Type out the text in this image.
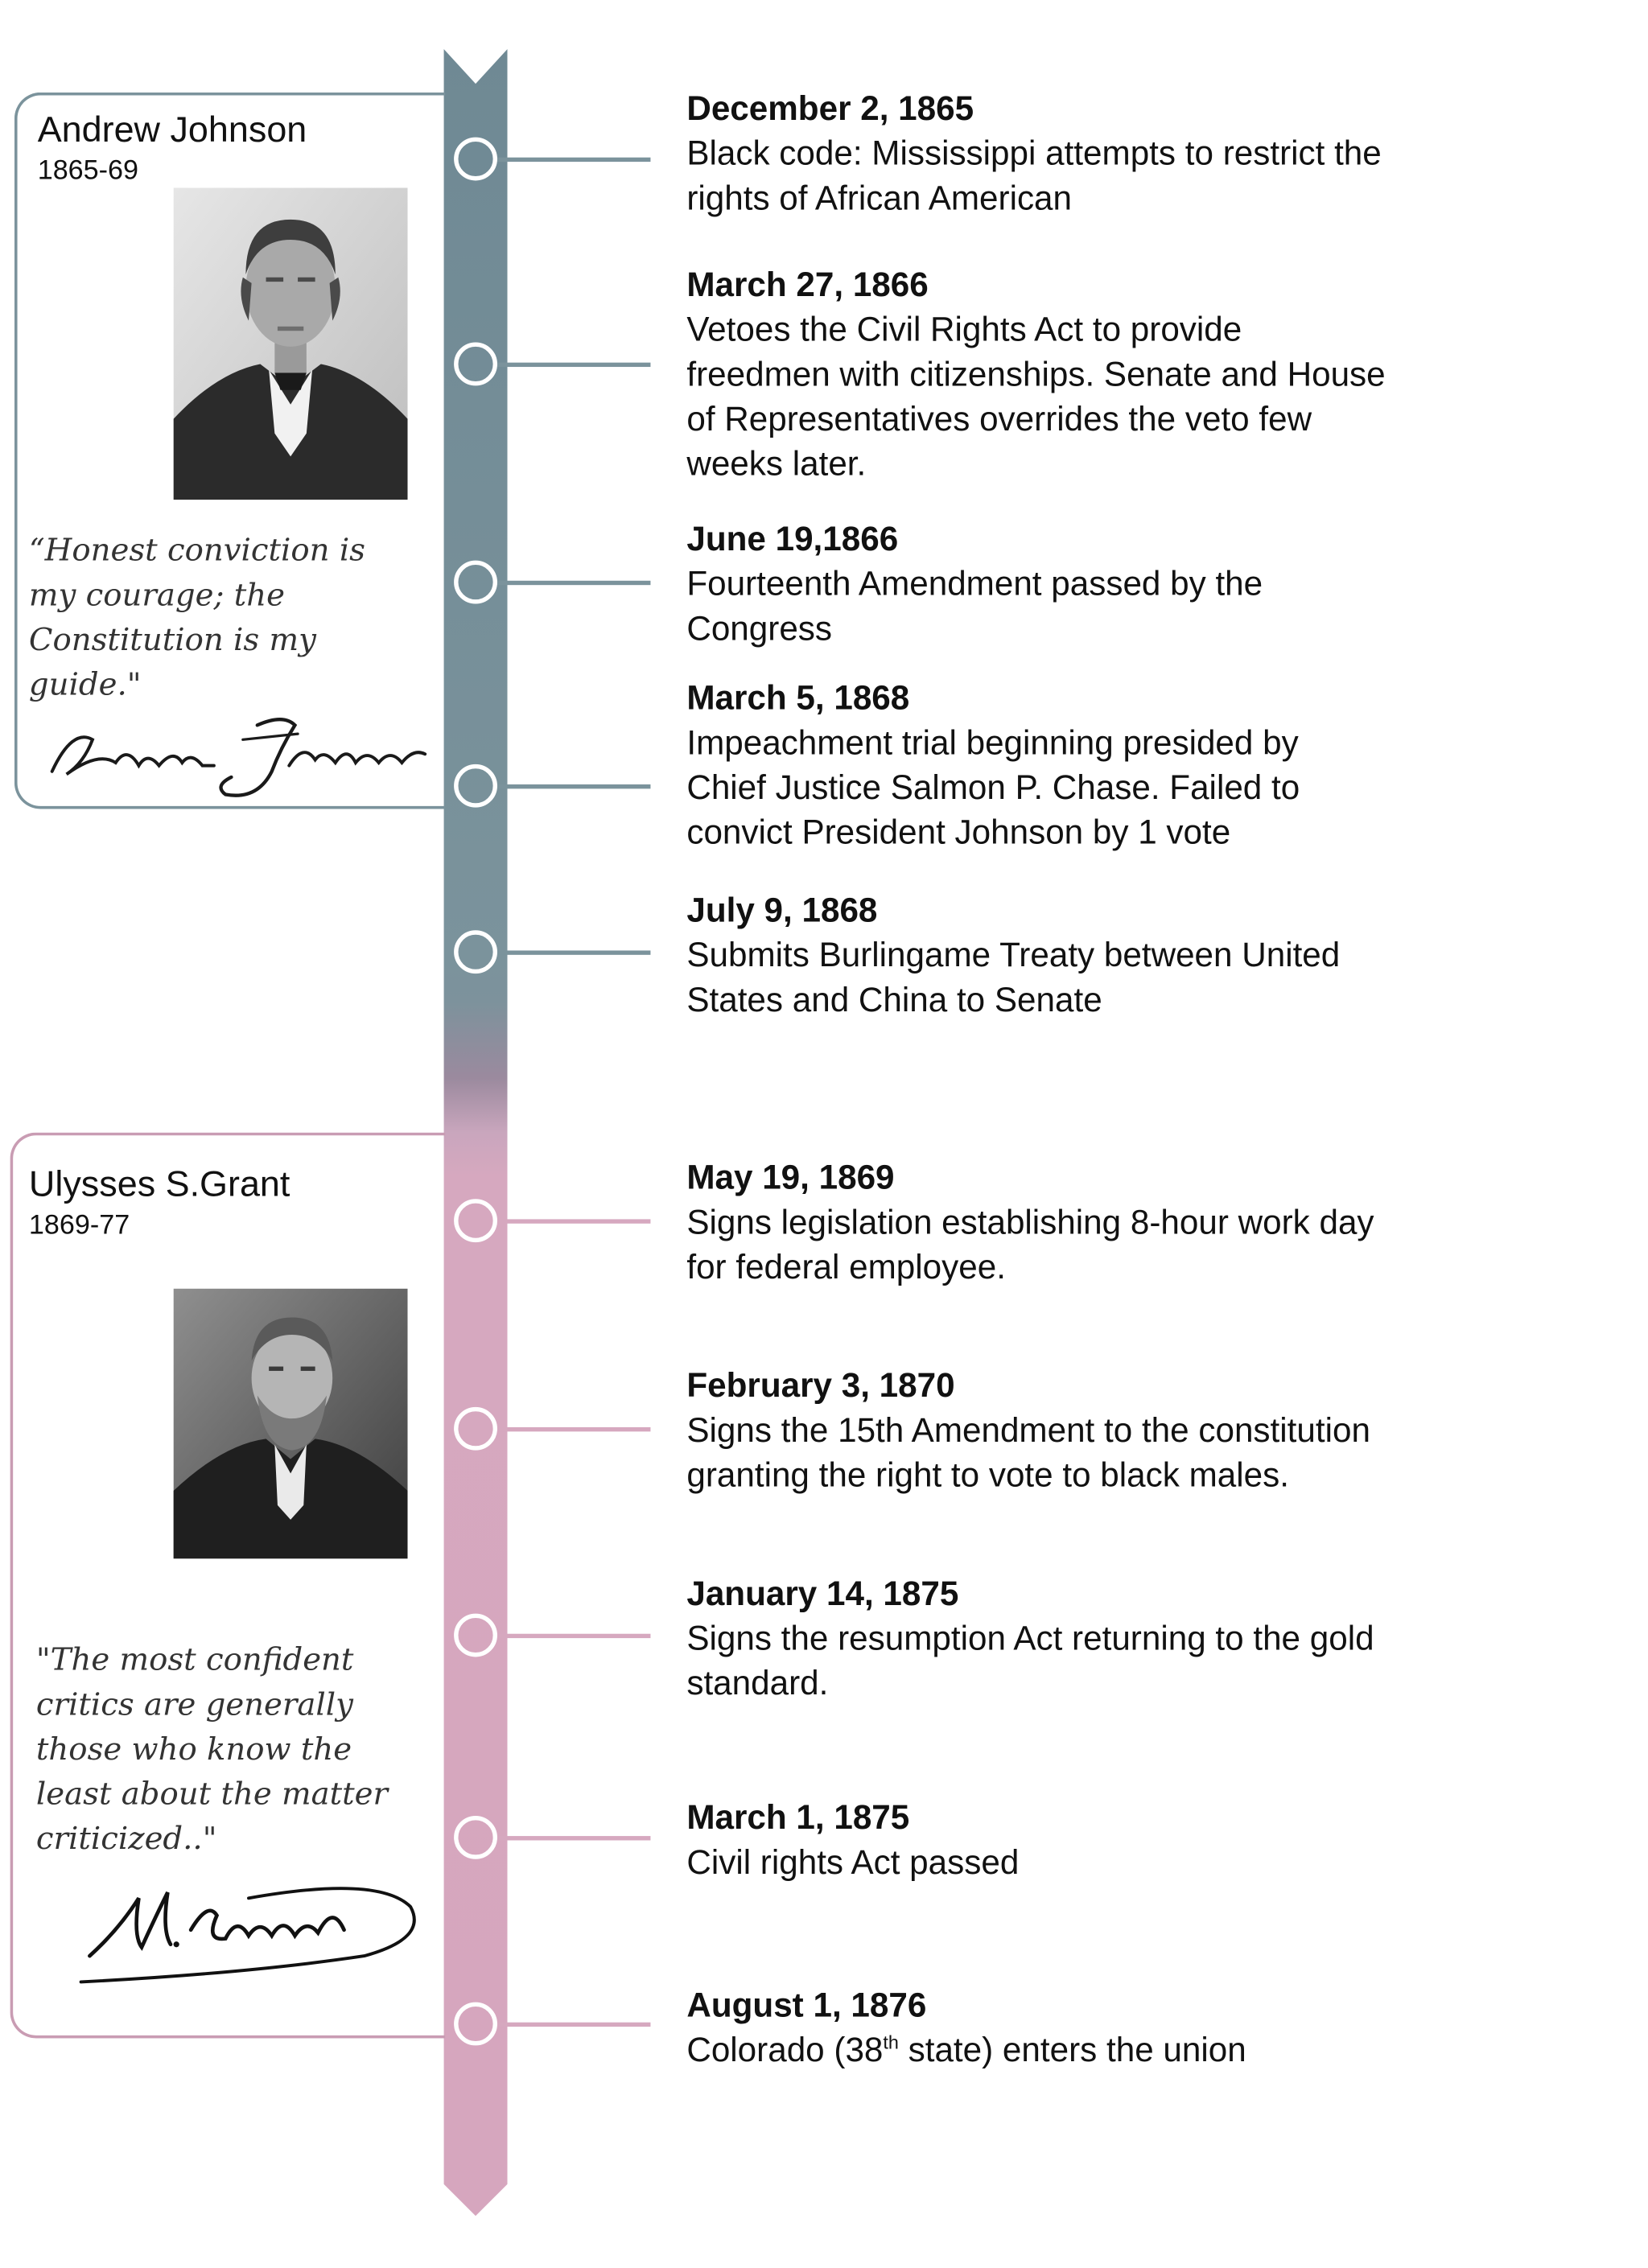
Andrew Johnson
1865-69
“Honest conviction is
my courage; the
Constitution is my
guide."
Ulysses S.Grant
1869-77
"The most confident
critics are generally
those who know the
least about the matter
criticized.."
December 2, 1865
Black code: Mississippi attempts to restrict the
rights of African American
March 27, 1866
Vetoes the Civil Rights Act to provide
freedmen with citizenships. Senate and House
of Representatives overrides the veto few
weeks later.
June 19,1866
Fourteenth Amendment passed by the
Congress
March 5, 1868
Impeachment trial beginning presided by
Chief Justice Salmon P. Chase. Failed to
convict President Johnson by 1 vote
July 9, 1868
Submits Burlingame Treaty between United
States and China to Senate
May 19, 1869
Signs legislation establishing 8-hour work day
for federal employee.
February 3, 1870
Signs the 15th Amendment to the constitution
granting the right to vote to black males.
January 14, 1875
Signs the resumption Act returning to the gold
standard.
March 1, 1875
Civil rights Act passed
August 1, 1876
Colorado (38th state) enters the union
